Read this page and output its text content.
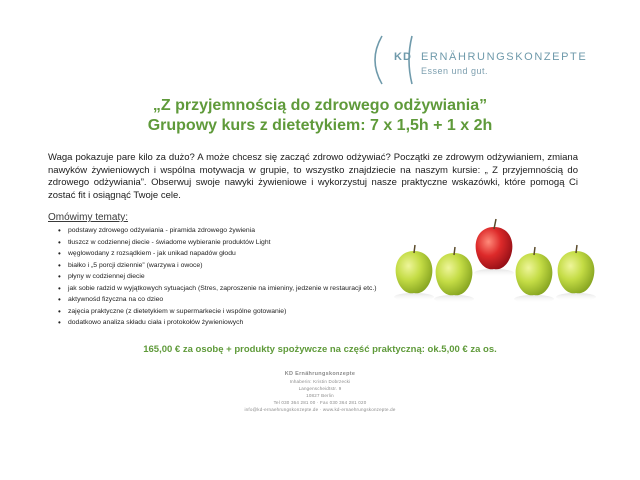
KD ERNÄHRUNGSKONZEPTE
Essen und gut.
„Z przyjemnością do zdrowego odżywiania”
Grupowy kurs z dietetykiem: 7 x 1,5h + 1 x 2h
Waga pokazuje pare kilo za dużo? A może chcesz się zacząć zdrowo odżywiać? Początki ze zdrowym odżywianiem, zmiana nawyków żywieniowych i wspólna motywacja w grupie, to wszystko znajdziecie na naszym kursie: „ Z przyjemnością do zdrowego odżywiania”. Obserwuj swoje nawyki żywieniowe i wykorzystuj nasze praktyczne wskazówki, które pomogą Ci zostać fit i osiągnąć Twoje cele.
Omówimy tematy:
• podstawy zdrowego odżywiania - piramida zdrowego żywienia
• tłuszcz w codziennej diecie - świadome wybieranie produktów Light
• węglowodany z rozsądkiem - jak unikad napadów głodu
• białko i „5 porcji dziennie” (warzywa i owoce)
• płyny w codziennej diecie
• jak sobie radzid w wyjątkowych sytuacjach (Stres, zaproszenie na imieniny, jedzenie w restauracji etc.)
• aktywnośd fizyczna na co dzieo
• zajęcia praktyczne (z dietetykiem w supermarkecie i wspólne gotowanie)
• dodatkowo analiza składu ciała i protokołów żywieniowych
165,00 € za osobę + produkty spożywcze na część praktyczną: ok.5,00 € za os.
KD Ernährungskonzepte
Inhaberin: Kristin Dobrzecki
Langenscheidtstr. 9
10827 Berlin
Tel 030 364 281 00 · Fax 030 364 281 020
info@kd-ernaehrungskonzepte.de · www.kd-ernaehrungskonzepte.de
